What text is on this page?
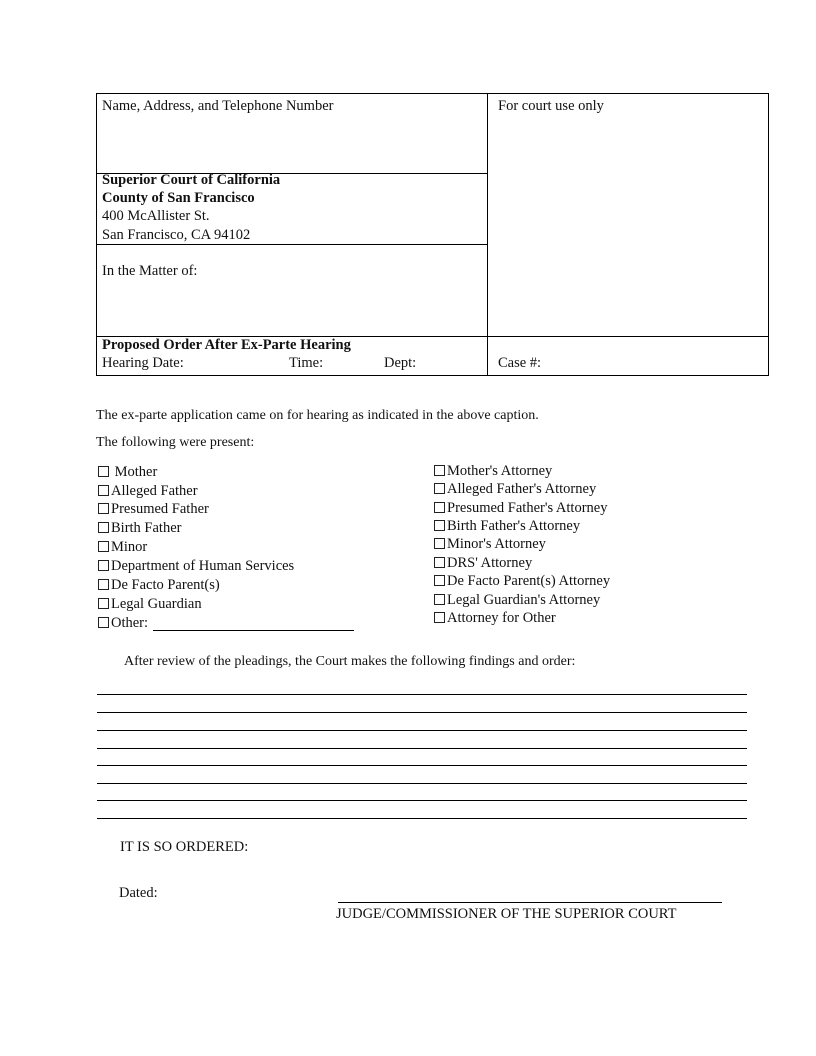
Name, Address, and Telephone Number	For court use only
Superior Court of California
County of San Francisco
400 McAllister St.
San Francisco, CA 94102
In the Matter of:
Proposed Order After Ex-Parte Hearing
Hearing Date:	Time:	Dept:	Case #:
The ex-parte application came on for hearing as indicated in the above caption.
The following were present:
Mother
Alleged Father
Presumed Father
Birth Father
Minor
Department of Human Services
De Facto Parent(s)
Legal Guardian
Other:
Mother's Attorney
Alleged Father's Attorney
Presumed Father's Attorney
Birth Father's Attorney
Minor's Attorney
DRS' Attorney
De Facto Parent(s) Attorney
Legal Guardian's Attorney
Attorney for Other
After review of the pleadings, the Court makes the following findings and order:
IT IS SO ORDERED:
Dated:
JUDGE/COMMISSIONER OF THE SUPERIOR COURT
